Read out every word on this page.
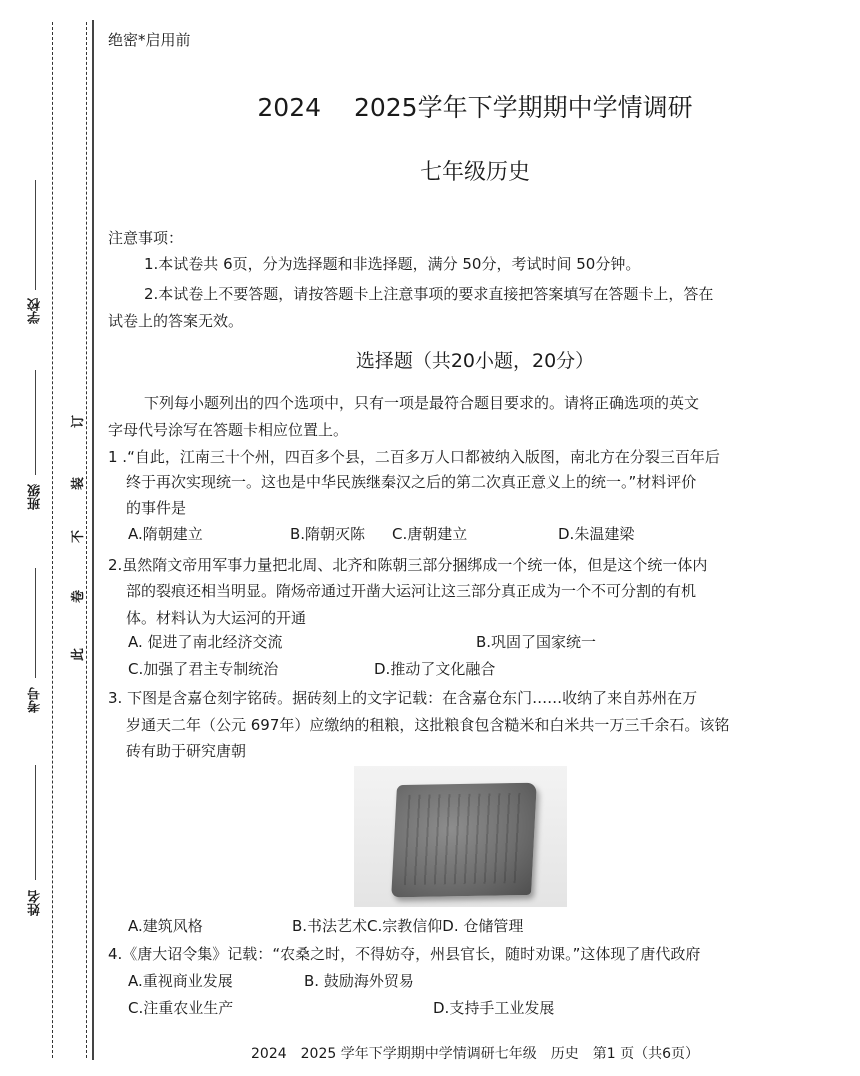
学校
班级
考号
姓名
订
装
不
卷
此
绝密*启用前
2024　 2025学年下学期期中学情调研
七年级历史
注意事项：
1.本试卷共 6页，分为选择题和非选择题，满分 50分，考试时间 50分钟。
2.本试卷上不要答题，请按答题卡上注意事项的要求直接把答案填写在答题卡上，答在
试卷上的答案无效。
选择题（共20小题，20分）
下列每小题列出的四个选项中，只有一项是最符合题目要求的。请将正确选项的英文
字母代号涂写在答题卡相应位置上。
1 .“自此，江南三十个州，四百多个县，二百多万人口都被纳入版图，南北方在分裂三百年后
终于再次实现统一。这也是中华民族继秦汉之后的第二次真正意义上的统一。”材料评价
的事件是
A.隋朝建立	B.隋朝灭陈 C.唐朝建立	D.朱温建梁
2.虽然隋文帝用军事力量把北周、北齐和陈朝三部分捆绑成一个统一体，但是这个统一体内
部的裂痕还相当明显。隋炀帝通过开凿大运河让这三部分真正成为一个不可分割的有机
体。材料认为大运河的开通
A. 促进了南北经济交流	B.巩固了国家统一
C.加强了君主专制统治	D.推动了文化融合
3. 下图是含嘉仓刻字铭砖。据砖刻上的文字记载：在含嘉仓东门……收纳了来自苏州在万
岁通天二年（公元 697年）应缴纳的租粮，这批粮食包含糙米和白米共一万三千余石。该铭
砖有助于研究唐朝
A.建筑风格	B.书法艺术C.宗教信仰D. 仓储管理
4.《唐大诏令集》记载：“农桑之时，不得妨夺，州县官长，随时劝课。”这体现了唐代政府
A.重视商业发展	B. 鼓励海外贸易
C.注重农业生产	D.支持手工业发展
2024　2025 学年下学期期中学情调研七年级　历史　第1 页（共6页）
